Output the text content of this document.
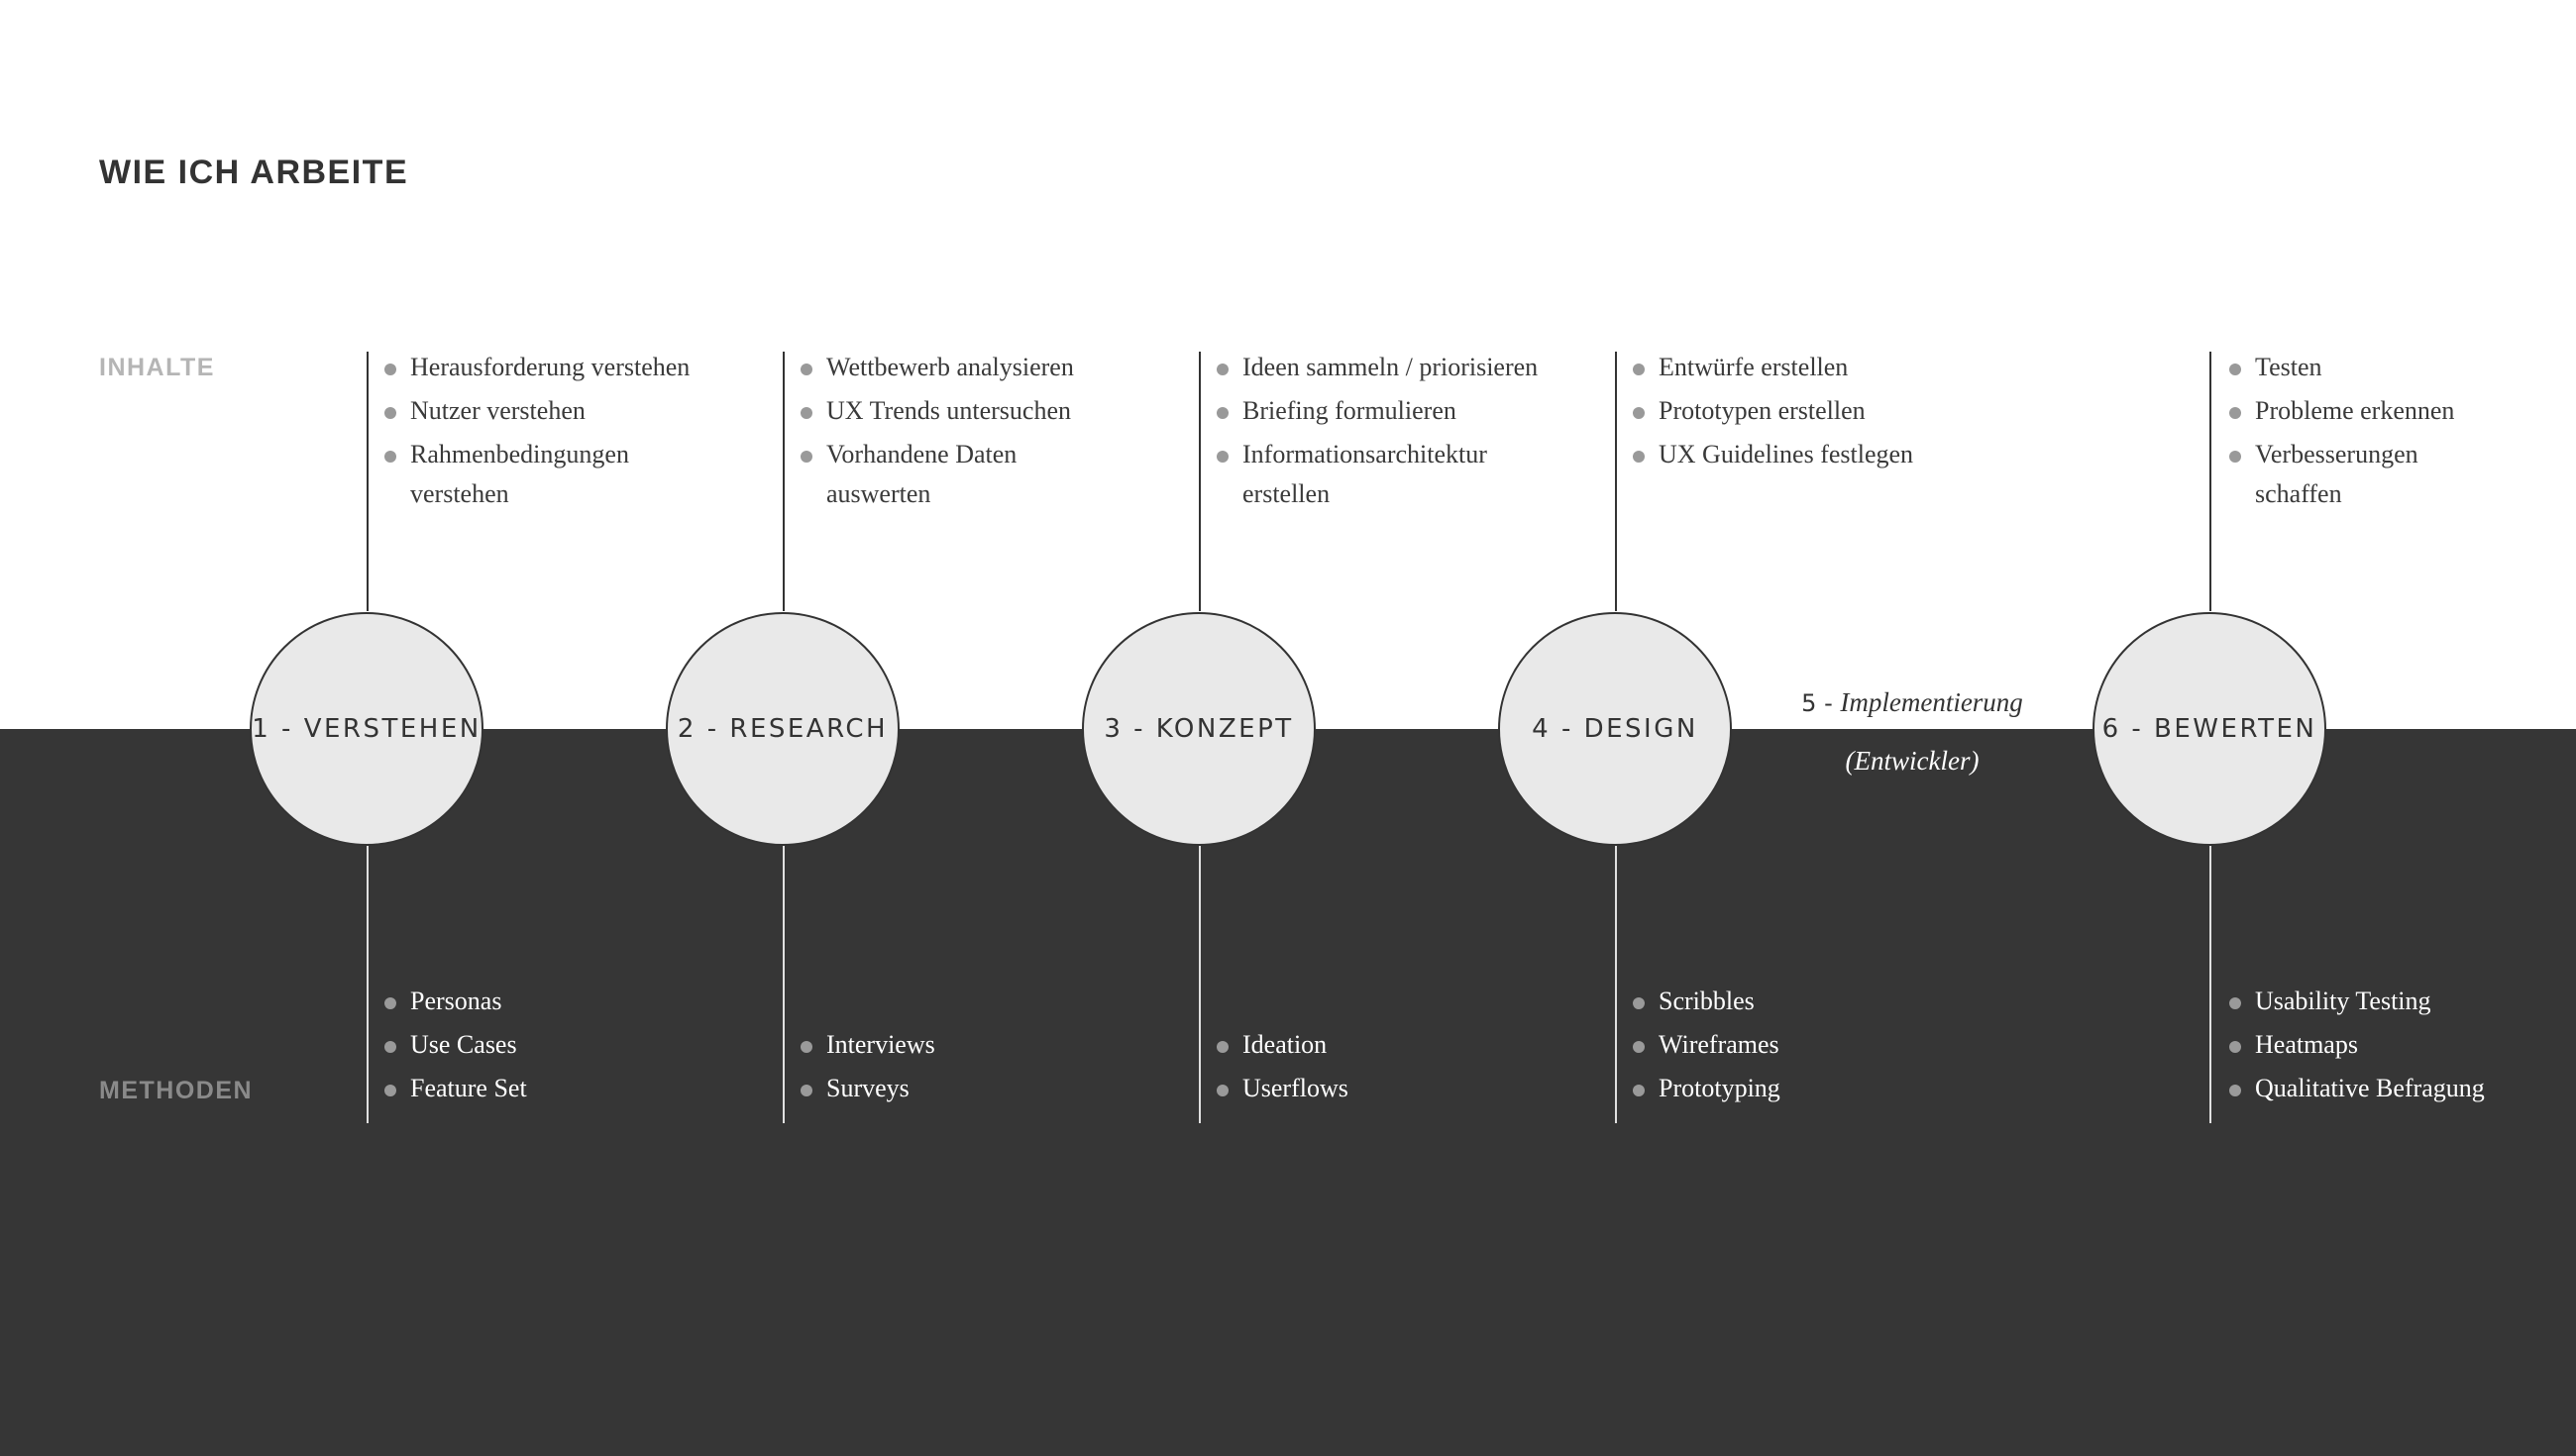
WIE ICH ARBEITE
INHALTE
METHODEN
Herausforderung verstehen
Nutzer verstehen
Rahmenbedingungen verstehen
Personas
Use Cases
Feature Set
1 - VERSTEHEN
Wettbewerb analysieren
UX Trends untersuchen
Vorhandene Daten auswerten
Interviews
Surveys
2 - RESEARCH
Ideen sammeln / priorisieren
Briefing formulieren
Informationsarchitektur erstellen
Ideation
Userflows
3 - KONZEPT
Entwürfe erstellen
Prototypen erstellen
UX Guidelines festlegen
Scribbles
Wireframes
Prototyping
4 - DESIGN
5 - Implementierung
(Entwickler)
Testen
Probleme erkennen
Verbesserungen schaffen
Usability Testing
Heatmaps
Qualitative Befragung
6 - BEWERTEN
